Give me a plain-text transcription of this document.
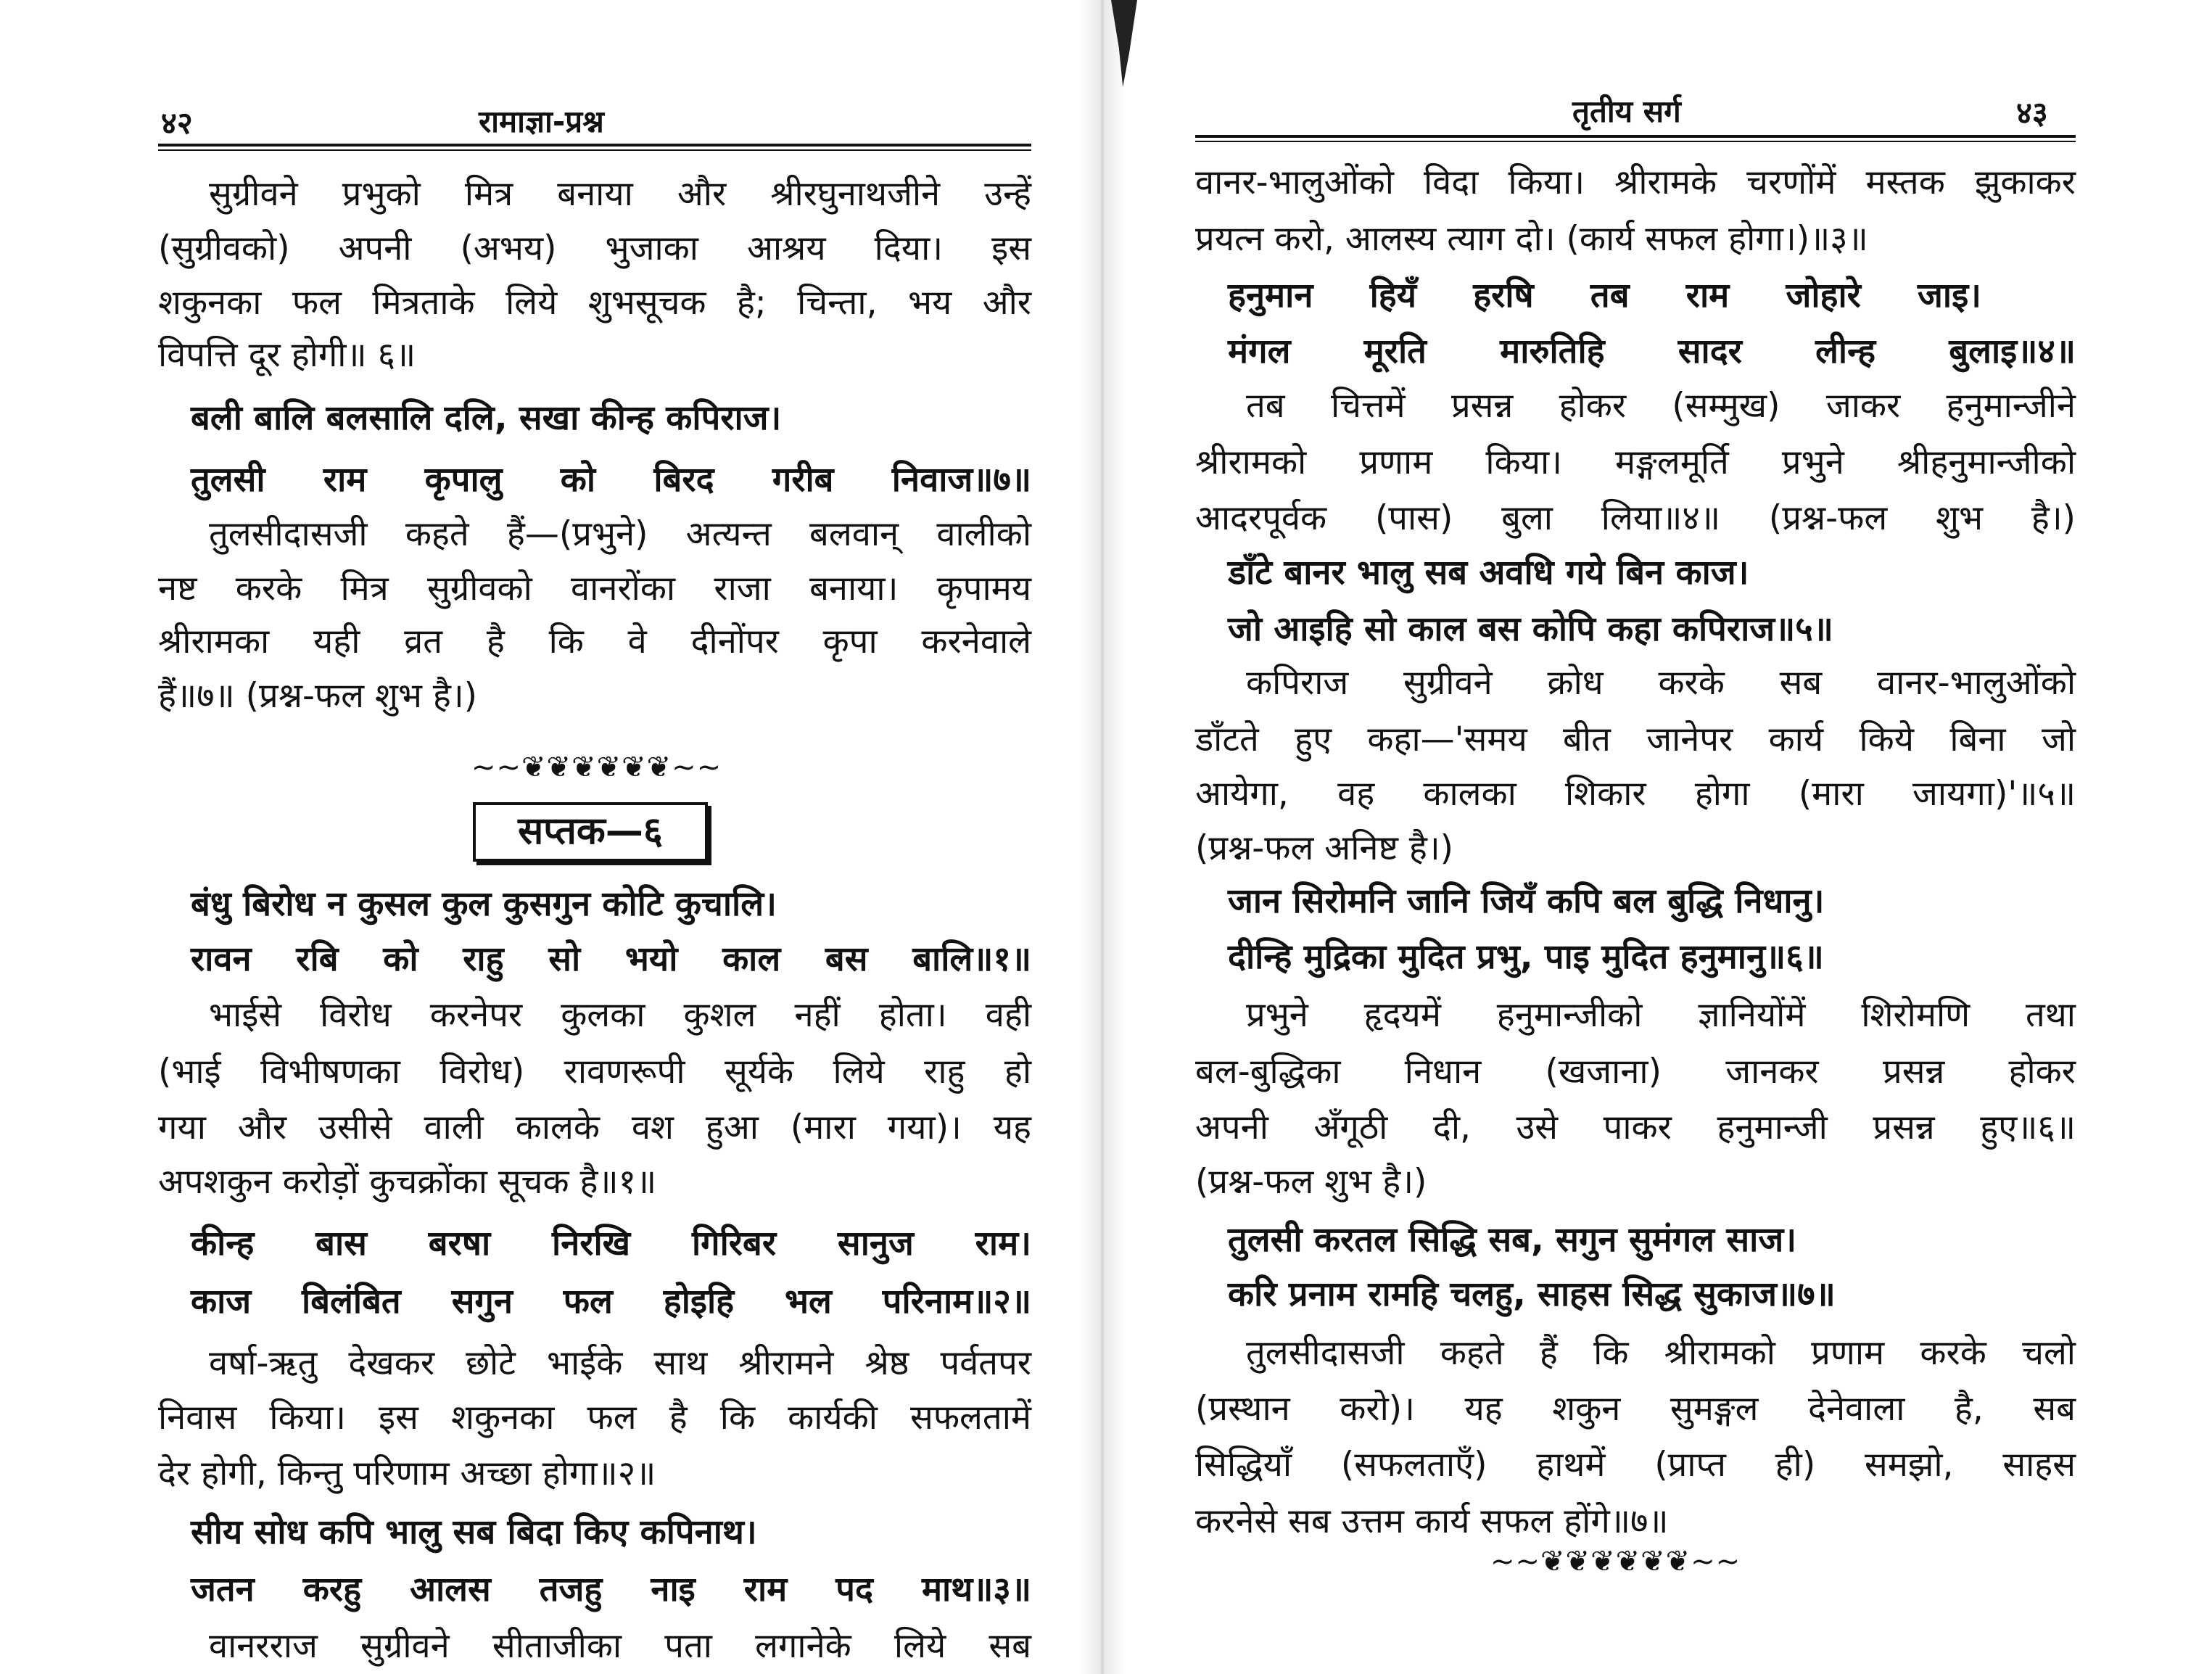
४२	रामाज्ञा-प्रश्न
सुग्रीवने प्रभुको मित्र बनाया और श्रीरघुनाथजीने उन्हें
(सुग्रीवको) अपनी (अभय) भुजाका आश्रय दिया। इस
शकुनका फल मित्रताके लिये शुभसूचक है; चिन्ता, भय और
विपत्ति दूर होगी॥ ६॥
बली बालि बलसालि दलि, सखा कीन्ह कपिराज।
तुलसी राम कृपालु को बिरद गरीब निवाज॥७॥
तुलसीदासजी कहते हैं—(प्रभुने) अत्यन्त बलवान् वालीको
नष्ट करके मित्र सुग्रीवको वानरोंका राजा बनाया। कृपामय
श्रीरामका यही व्रत है कि वे दीनोंपर कृपा करनेवाले
हैं॥७॥ (प्रश्न-फल शुभ है।)
बंधु बिरोध न कुसल कुल कुसगुन कोटि कुचालि।
रावन रबि को राहु सो भयो काल बस बालि॥१॥
भाईसे विरोध करनेपर कुलका कुशल नहीं होता। वही
(भाई विभीषणका विरोध) रावणरूपी सूर्यके लिये राहु हो
गया और उसीसे वाली कालके वश हुआ (मारा गया)। यह
अपशकुन करोड़ों कुचक्रोंका सूचक है॥१॥
कीन्ह बास बरषा निरखि गिरिबर सानुज राम।
काज बिलंबित सगुन फल होइहि भल परिनाम॥२॥
वर्षा-ऋतु देखकर छोटे भाईके साथ श्रीरामने श्रेष्ठ पर्वतपर
निवास किया। इस शकुनका फल है कि कार्यकी सफलतामें
देर होगी, किन्तु परिणाम अच्छा होगा॥२॥
सीय सोध कपि भालु सब बिदा किए कपिनाथ।
जतन करहु आलस तजहु नाइ राम पद माथ॥३॥
वानरराज सुग्रीवने सीताजीका पता लगानेके लिये सब
~~❦❦❦❦❦❦~~
सप्तक—६
तृतीय सर्ग	४३
वानर-भालुओंको विदा किया। श्रीरामके चरणोंमें मस्तक झुकाकर
प्रयत्न करो, आलस्य त्याग दो। (कार्य सफल होगा।)॥३॥
हनुमान हियँ हरषि तब राम जोहारे जाइ।
मंगल मूरति मारुतिहि सादर लीन्ह बुलाइ॥४॥
तब चित्तमें प्रसन्न होकर (सम्मुख) जाकर हनुमान्जीने
श्रीरामको प्रणाम किया। मङ्गलमूर्ति प्रभुने श्रीहनुमान्जीको
आदरपूर्वक (पास) बुला लिया॥४॥ (प्रश्न-फल शुभ है।)
डाँटे बानर भालु सब अवधि गये बिन काज।
जो आइहि सो काल बस कोपि कहा कपिराज॥५॥
कपिराज सुग्रीवने क्रोध करके सब वानर-भालुओंको
डाँटते हुए कहा—'समय बीत जानेपर कार्य किये बिना जो
आयेगा, वह कालका शिकार होगा (मारा जायगा)'॥५॥
(प्रश्न-फल अनिष्ट है।)
जान सिरोमनि जानि जियँ कपि बल बुद्धि निधानु।
दीन्हि मुद्रिका मुदित प्रभु, पाइ मुदित हनुमानु॥६॥
प्रभुने हृदयमें हनुमान्जीको ज्ञानियोंमें शिरोमणि तथा
बल-बुद्धिका निधान (खजाना) जानकर प्रसन्न होकर
अपनी अँगूठी दी, उसे पाकर हनुमान्जी प्रसन्न हुए॥६॥
(प्रश्न-फल शुभ है।)
तुलसी करतल सिद्धि सब, सगुन सुमंगल साज।
करि प्रनाम रामहि चलहु, साहस सिद्ध सुकाज॥७॥
तुलसीदासजी कहते हैं कि श्रीरामको प्रणाम करके चलो
(प्रस्थान करो)। यह शकुन सुमङ्गल देनेवाला है, सब
सिद्धियाँ (सफलताएँ) हाथमें (प्राप्त ही) समझो, साहस
करनेसे सब उत्तम कार्य सफल होंगे॥७॥
~~❦❦❦❦❦❦~~
